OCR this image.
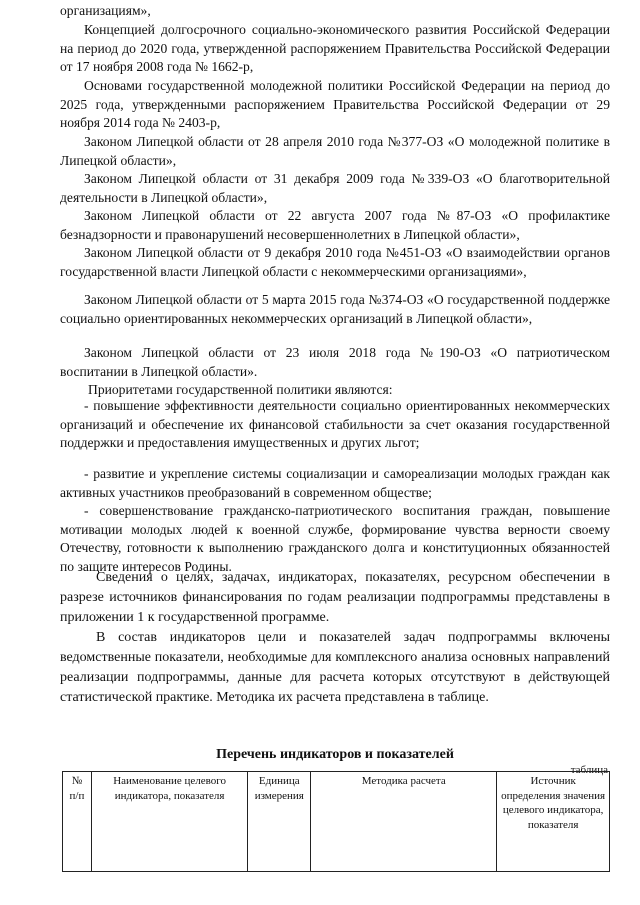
организациям»,

Концепцией долгосрочного социально-экономического развития Российской Федерации на период до 2020 года, утвержденной распоряжением Правительства Российской Федерации от 17 ноября 2008 года № 1662-р,

Основами государственной молодежной политики Российской Федерации на период до 2025 года, утвержденными распоряжением Правительства Российской Федерации от 29 ноября 2014 года № 2403-р,

Законом Липецкой области от 28 апреля 2010 года №377-ОЗ «О молодежной политике в Липецкой области»,

Законом Липецкой области от 31 декабря 2009 года №339-ОЗ «О благотворительной деятельности в Липецкой области»,

Законом Липецкой области от 22 августа 2007 года №87-ОЗ «О профилактике безнадзорности и правонарушений несовершеннолетних в Липецкой области»,

Законом Липецкой области от 9 декабря 2010 года №451-ОЗ «О взаимодействии органов государственной власти Липецкой области с некоммерческими организациями»,

Законом Липецкой области от 5 марта 2015 года №374-ОЗ «О государственной поддержке социально ориентированных некоммерческих организаций в Липецкой области»,

Законом Липецкой области от 23 июля 2018 года №190-ОЗ «О патриотическом воспитании в Липецкой области».

Приоритетами государственной политики являются:

- повышение эффективности деятельности социально ориентированных некоммерческих организаций и обеспечение их финансовой стабильности за счет оказания государственной поддержки и предоставления имущественных и других льгот;

- развитие и укрепление системы социализации и самореализации молодых граждан как активных участников преобразований в современном обществе;

- совершенствование гражданско-патриотического воспитания граждан, повышение мотивации молодых людей к военной службе, формирование чувства верности своему Отечеству, готовности к выполнению гражданского долга и конституционных обязанностей по защите интересов Родины.

Сведения о целях, задачах, индикаторах, показателях, ресурсном обеспечении в разрезе источников финансирования по годам реализации подпрограммы представлены в приложении 1 к государственной программе.

В состав индикаторов цели и показателей задач подпрограммы включены ведомственные показатели, необходимые для комплексного анализа основных направлений реализации подпрограммы, данные для расчета которых отсутствуют в действующей статистической практике. Методика их расчета представлена в таблице.

Перечень индикаторов и показателей

таблица

№ п/п	Наименование целевого индикатора, показателя	Единица измерения	Методика расчета	Источник определения значения целевого индикатора, показателя
